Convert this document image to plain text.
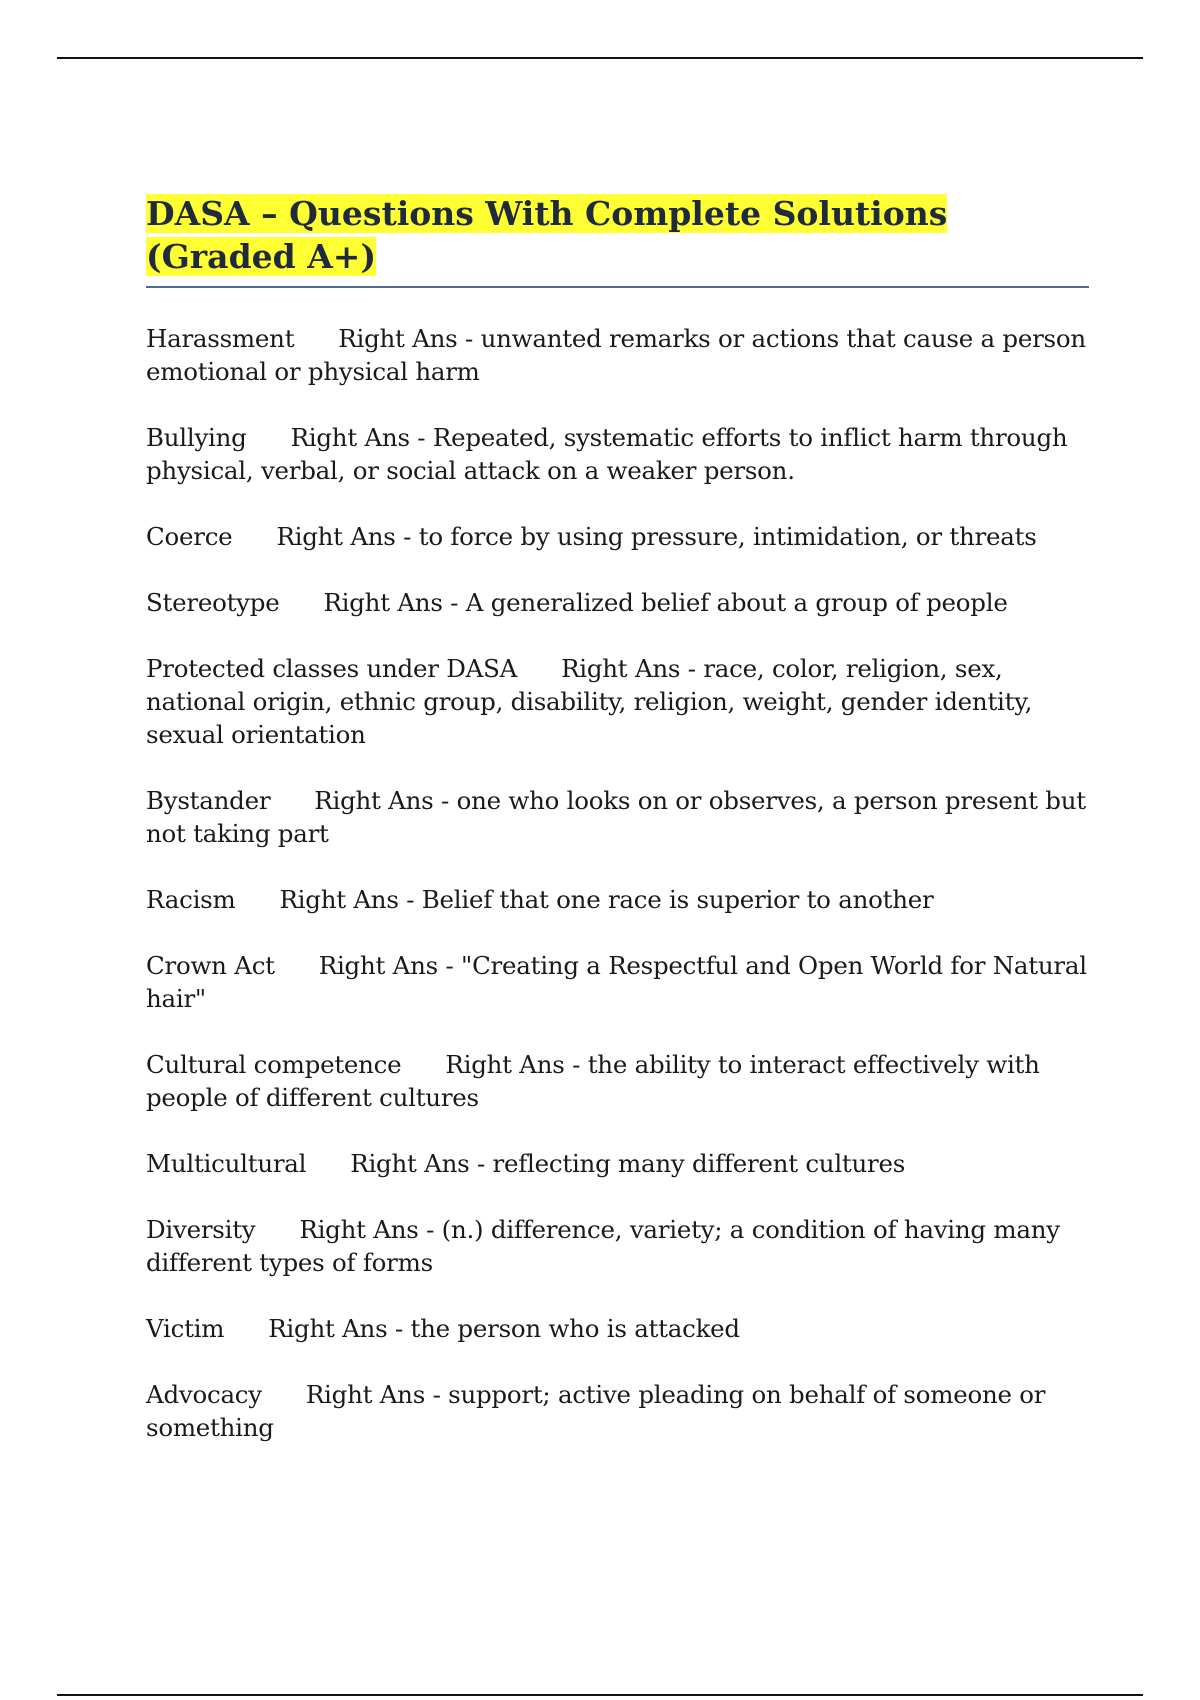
DASA – Questions With Complete Solutions (Graded A+)
Harassment Right Ans - unwanted remarks or actions that cause a person emotional or physical harm
Bullying Right Ans - Repeated, systematic efforts to inflict harm through physical, verbal, or social attack on a weaker person.
Coerce Right Ans - to force by using pressure, intimidation, or threats
Stereotype Right Ans - A generalized belief about a group of people
Protected classes under DASA Right Ans - race, color, religion, sex, national origin, ethnic group, disability, religion, weight, gender identity, sexual orientation
Bystander Right Ans - one who looks on or observes, a person present but not taking part
Racism Right Ans - Belief that one race is superior to another
Crown Act Right Ans - "Creating a Respectful and Open World for Natural hair"
Cultural competence Right Ans - the ability to interact effectively with people of different cultures
Multicultural Right Ans - reflecting many different cultures
Diversity Right Ans - (n.) difference, variety; a condition of having many different types of forms
Victim Right Ans - the person who is attacked
Advocacy Right Ans - support; active pleading on behalf of someone or something
